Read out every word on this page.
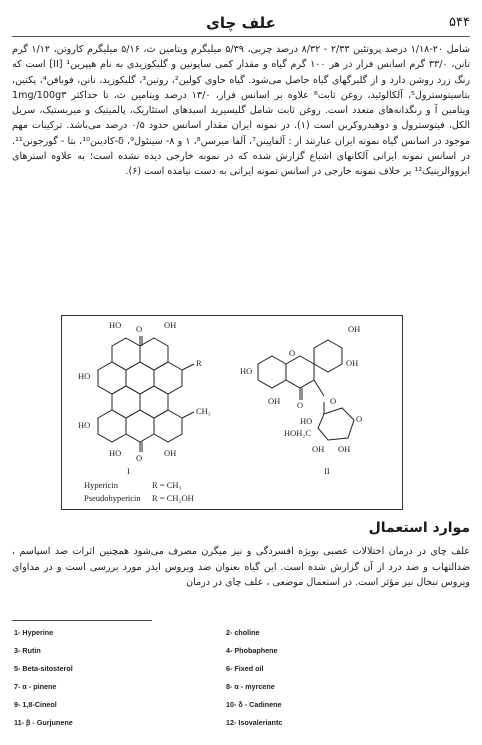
۵۴۴
علف چای

شامل ۲۰-۱/۱۸ درصد پروتئین ۲/۳۳ - ۸/۳۲ درصد چربی، ۵/۳۹ میلیگرم ویتامین ث، ۵/۱۶ میلیگرم کاروتن، ۱/۱۲ گرم تانن، ۳۳/۰ گرم اسانس فرار در هر ۱۰۰ گرم گیاه و مقدار کمی ساپونین و گلیکوزیدی به نام هیپرین¹ [II] است که رنگ زرد روشن دارد و از گلبرگهای گیاه حاصل می‌شود. گیاه حاوی کولین²، روتین³، گلیکوزید، تانن، فوبافن⁴، پکتین، بتاسیتوسترول⁵، آلکالوئید، روغن ثابت⁶ علاوه بر اسانس فرار، ۱۳/۰ درصد ویتامین ث، تا حداکثر 1mg/100g۳ ویتامین آ و رنگدانه‌های متعدد است. روغن ثابت شامل گلیسیرید اسیدهای استئاریک، پالمیتیک و میریستیک، سریل الکل، فیتوسترول و دوهیدروکربن است (۱). در نمونه ایران مقدار اسانس حدود ۰/۵ درصد می‌باشد. ترکیبات مهم موجود در اسانس گیاه نمونه ایران عبارتند از : آلفاپینن⁷، آلفا میرسن⁸، ۱ و ۸- سینئول⁹، δ-کادینن¹⁰، بتا - گورجونن¹¹. در اسانس نمونه ایرانی آلکانهای اشباع گزارش شده که در نمونه خارجی دیده نشده است؛ به علاوه استرهای ایزووالرینیک¹² بر خلاف نمونه خارجی در اسانس نمونه ایرانی به دست نیامده است (۶).

HO O	OH
HO
R
HO
CH₃
HO O	OH
I
Hypericin	R = CH₃
Pseudohypericin R = CH₂OH
OH
OH
HO
O
OH O	O
HO
HOH₂C
O
OH OH
II
موارد استعمال

علف چای در درمان اختلالات عصبی بویژه افسردگی و نیز میگرن مصرف می‌شود همچنین اثرات ضد اسپاسم ، ضدالتهاب و ضد درد از آن گزارش شده است. این گیاه بعنوان ضد ویروس ایدز مورد بررسی است و در مداوای ویروس تبخال نیز مؤثر است. در استعمال موضعی ، علف چای در درمان

1- Hyperine	2- choline
3- Rutin	4- Phobaphene
5- Beta-sitosterol	6- Fixed oil
7- α - pinene	8- α - myrcene
9- 1,8-Cineol	10- δ - Cadinene
11- β - Gurjunene	12- Isovaleriantc
